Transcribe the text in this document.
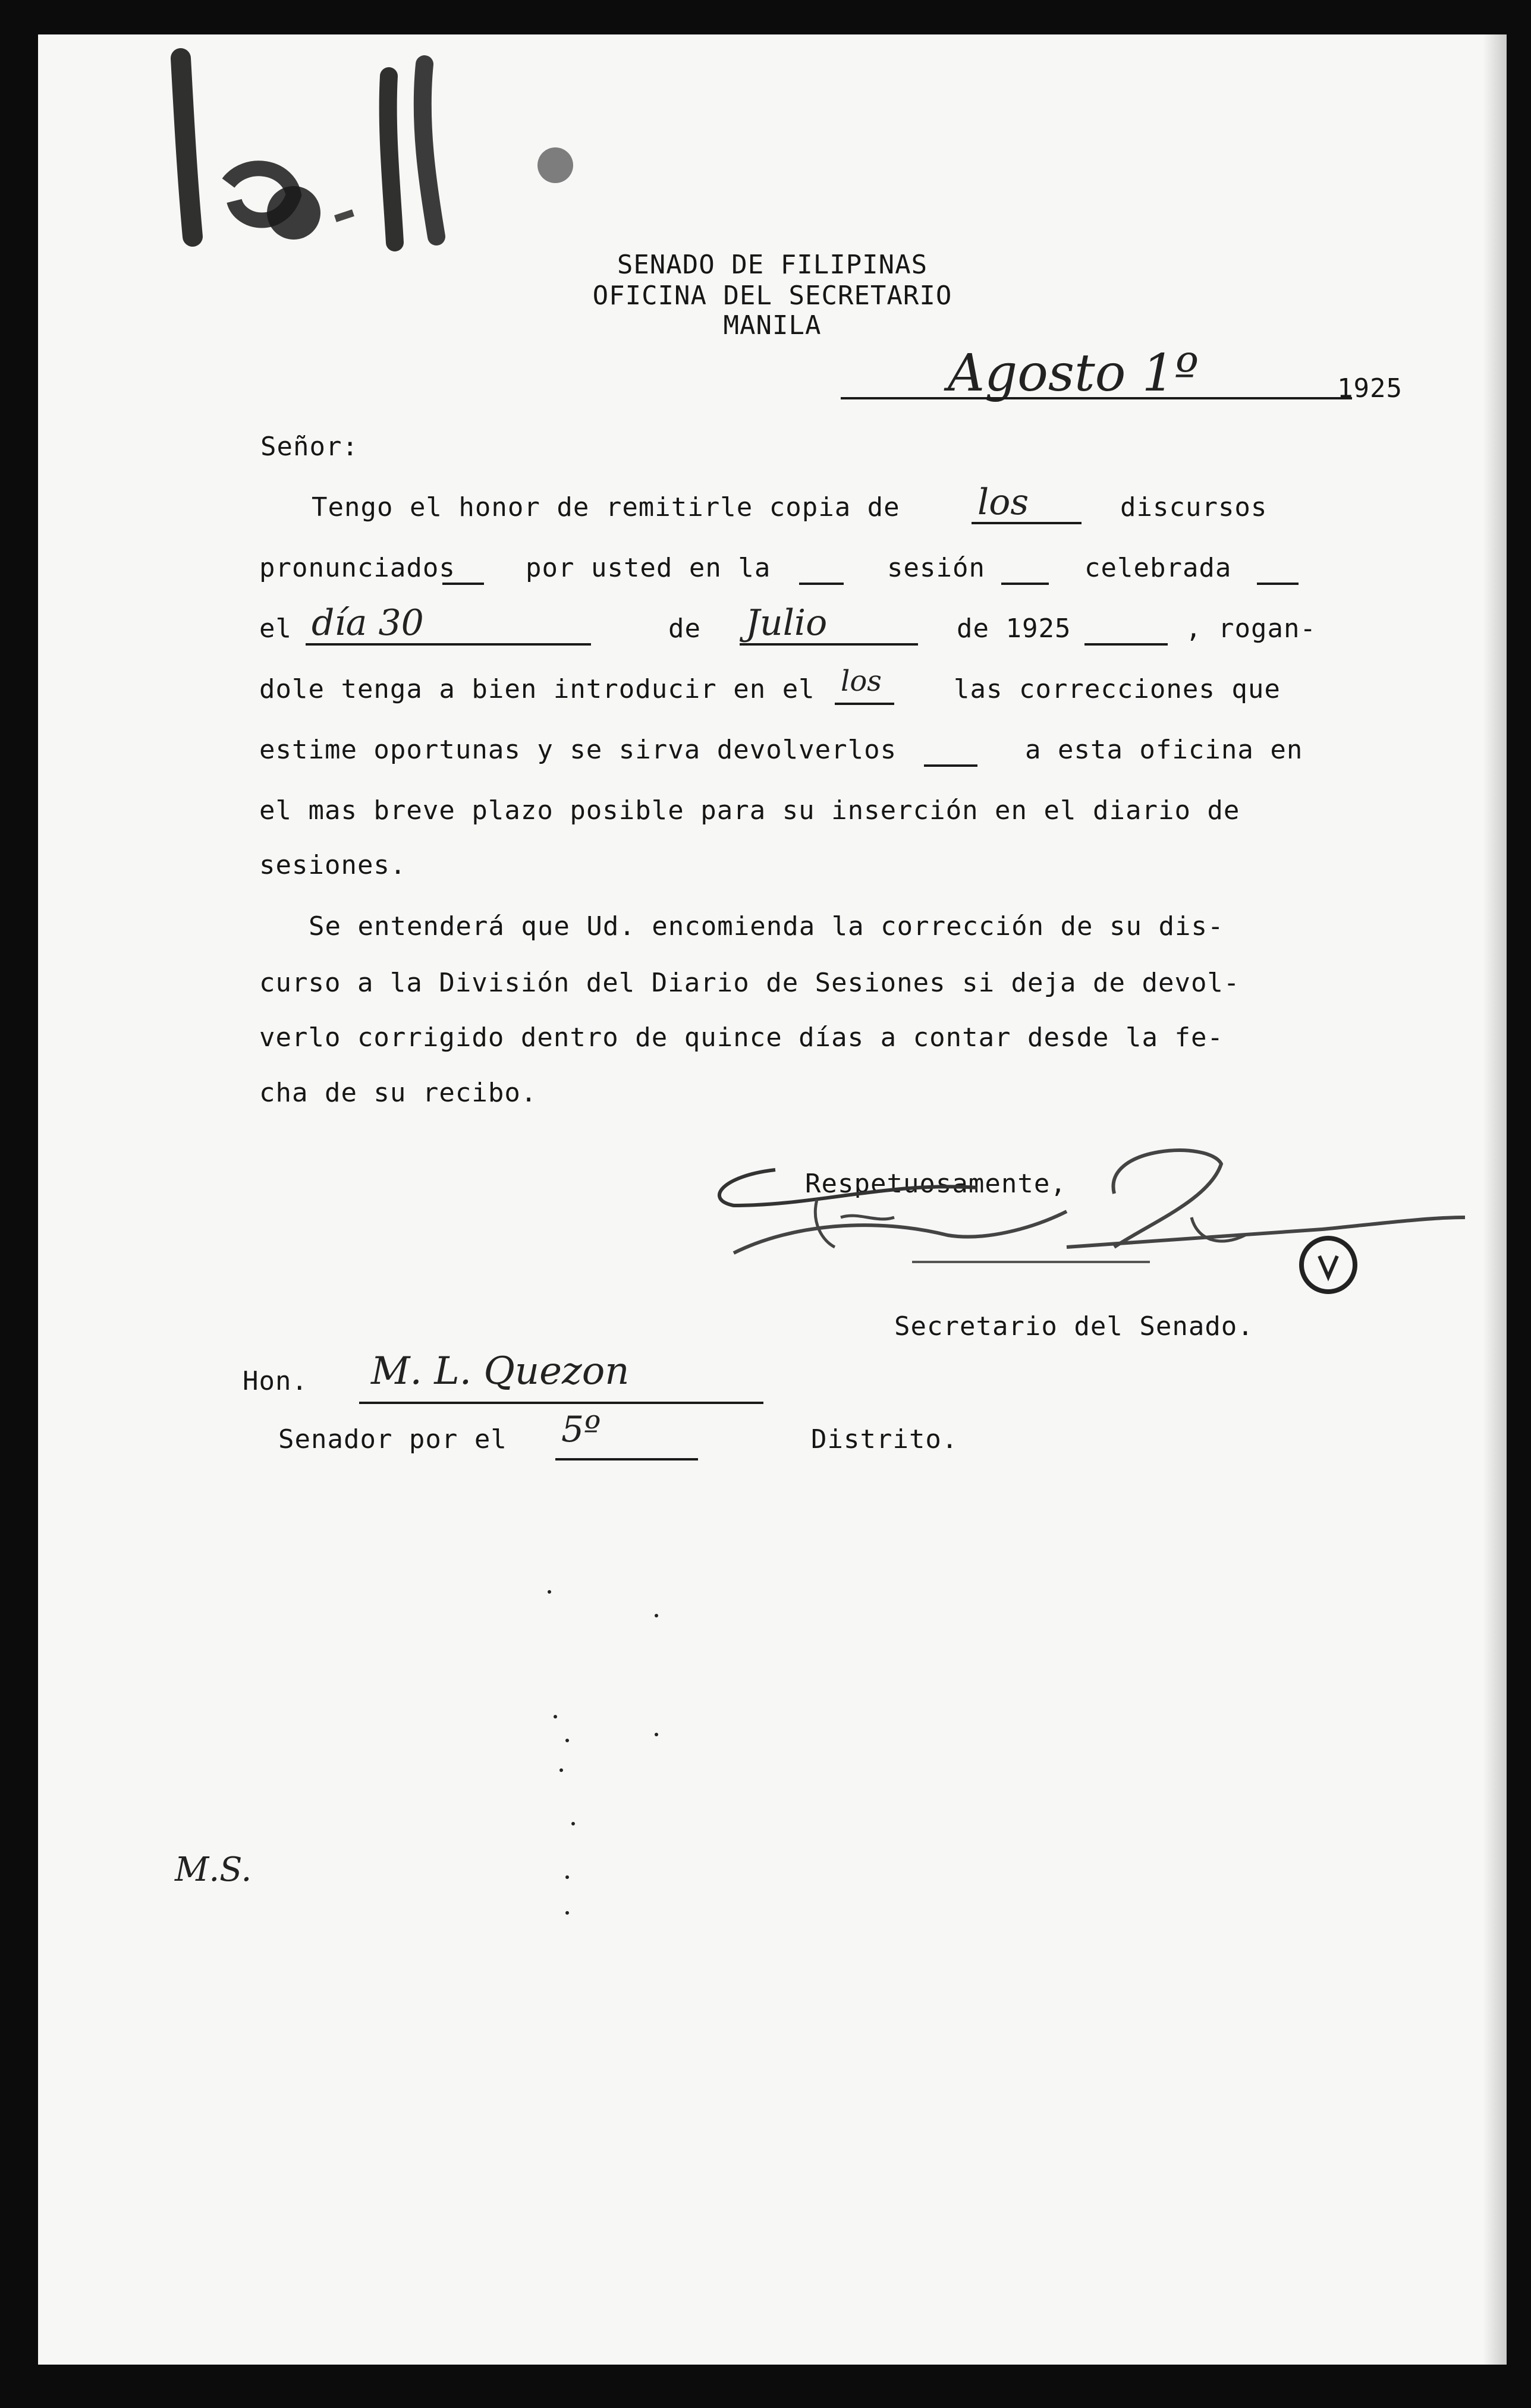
SENADO DE FILIPINAS
OFICINA DEL SECRETARIO
MANILA
Agosto 1º	1925
Señor:
Tengo el honor de remitirle copia de los	discursos
pronunciados	por usted en la	sesión	celebrada
el día 30	de Julio	de 1925	, rogan-
dole tenga a bien introducir en el los	las correcciones que
estime oportunas y se sirva devolverlos	a esta oficina en
el mas breve plazo posible para su inserción en el diario de
sesiones.
Se entenderá que Ud. encomienda la corrección de su dis-
curso a la División del Diario de Sesiones si deja de devol-
verlo corrigido dentro de quince días a contar desde la fe-
cha de su recibo.
Respetuosamente,
Secretario del Senado.
Hon. M. L. Quezon
Senador por el 5º	Distrito.
M.S.
